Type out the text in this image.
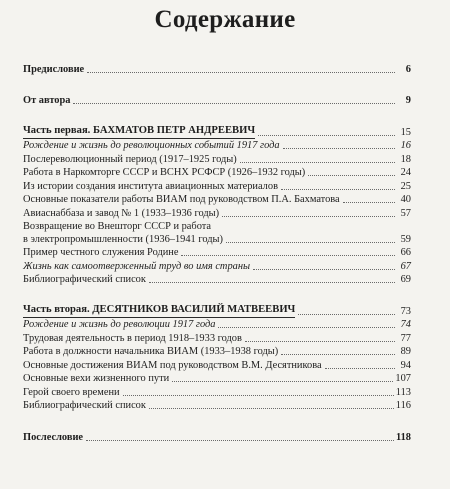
Содержание
Предисловие	6
От автора	9
Часть первая. БАХМАТОВ ПЕТР АНДРЕЕВИЧ	15
Рождение и жизнь до революционных событий 1917 года	16
Послереволюционный период (1917–1925 годы)	18
Работа в Наркомторге СССР и ВСНХ РСФСР (1926–1932 годы)	24
Из истории создания института авиационных материалов	25
Основные показатели работы ВИАМ под руководством П.А. Бахматова	40
Авиаснаббаза и завод № 1 (1933–1936 годы)	57
Возвращение во Внешторг СССР и работа
в электропромышленности (1936–1941 годы)	59
Пример честного служения Родине	66
Жизнь как самоотверженный труд во имя страны	67
Библиографический список	69
Часть вторая. ДЕСЯТНИКОВ ВАСИЛИЙ МАТВЕЕВИЧ	73
Рождение и жизнь до революции 1917 года	74
Трудовая деятельность в период 1918–1933 годов	77
Работа в должности начальника ВИАМ (1933–1938 годы)	89
Основные достижения ВИАМ под руководством В.М. Десятникова	94
Основные вехи жизненного пути	107
Герой своего времени	113
Библиографический список	116
Послесловие	118
